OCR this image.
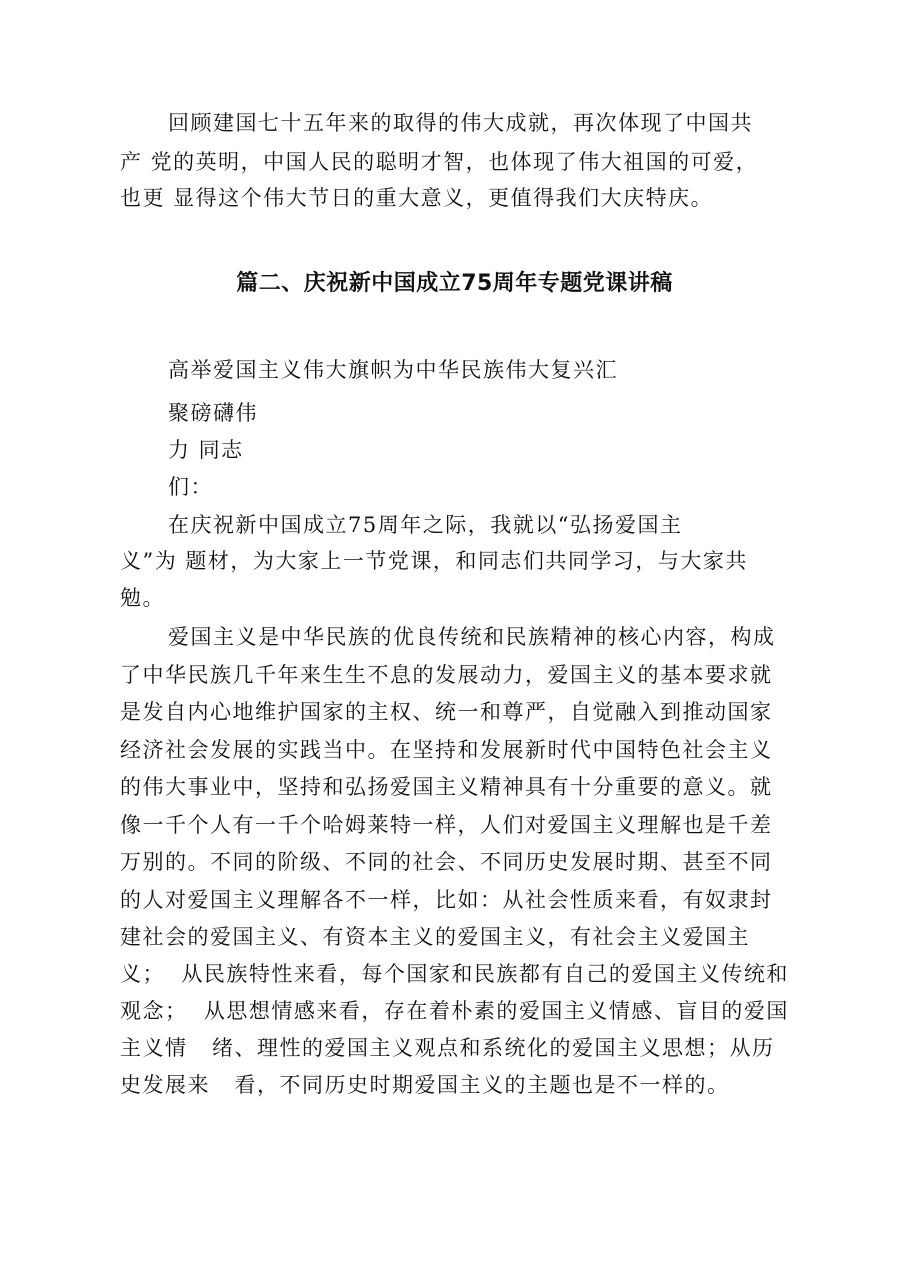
回顾建国七十五年来的取得的伟大成就，再次体现了中国共
产 党的英明，中国人民的聪明才智，也体现了伟大祖国的可爱，
也更 显得这个伟大节日的重大意义，更值得我们大庆特庆。
篇二、庆祝新中国成立75周年专题党课讲稿
高举爱国主义伟大旗帜为中华民族伟大复兴汇
聚磅礴伟
力 同志
们：
在庆祝新中国成立75周年之际，我就以“弘扬爱国主
义”为 题材，为大家上一节党课，和同志们共同学习，与大家共
勉。
爱国主义是中华民族的优良传统和民族精神的核心内容，构成
了中华民族几千年来生生不息的发展动力，爱国主义的基本要求就
是发自内心地维护国家的主权、统一和尊严，自觉融入到推动国家
经济社会发展的实践当中。在坚持和发展新时代中国特色社会主义
的伟大事业中，坚持和弘扬爱国主义精神具有十分重要的意义。就
像一千个人有一千个哈姆莱特一样，人们对爱国主义理解也是千差
万别的。不同的阶级、不同的社会、不同历史发展时期、甚至不同
的人对爱国主义理解各不一样，比如：从社会性质来看，有奴隶封
建社会的爱国主义、有资本主义的爱国主义，有社会主义爱国主
义；  从民族特性来看，每个国家和民族都有自己的爱国主义传统和
观念；  从思想情感来看，存在着朴素的爱国主义情感、盲目的爱国
主义情   绪、理性的爱国主义观点和系统化的爱国主义思想；从历
史发展来   看，不同历史时期爱国主义的主题也是不一样的。
